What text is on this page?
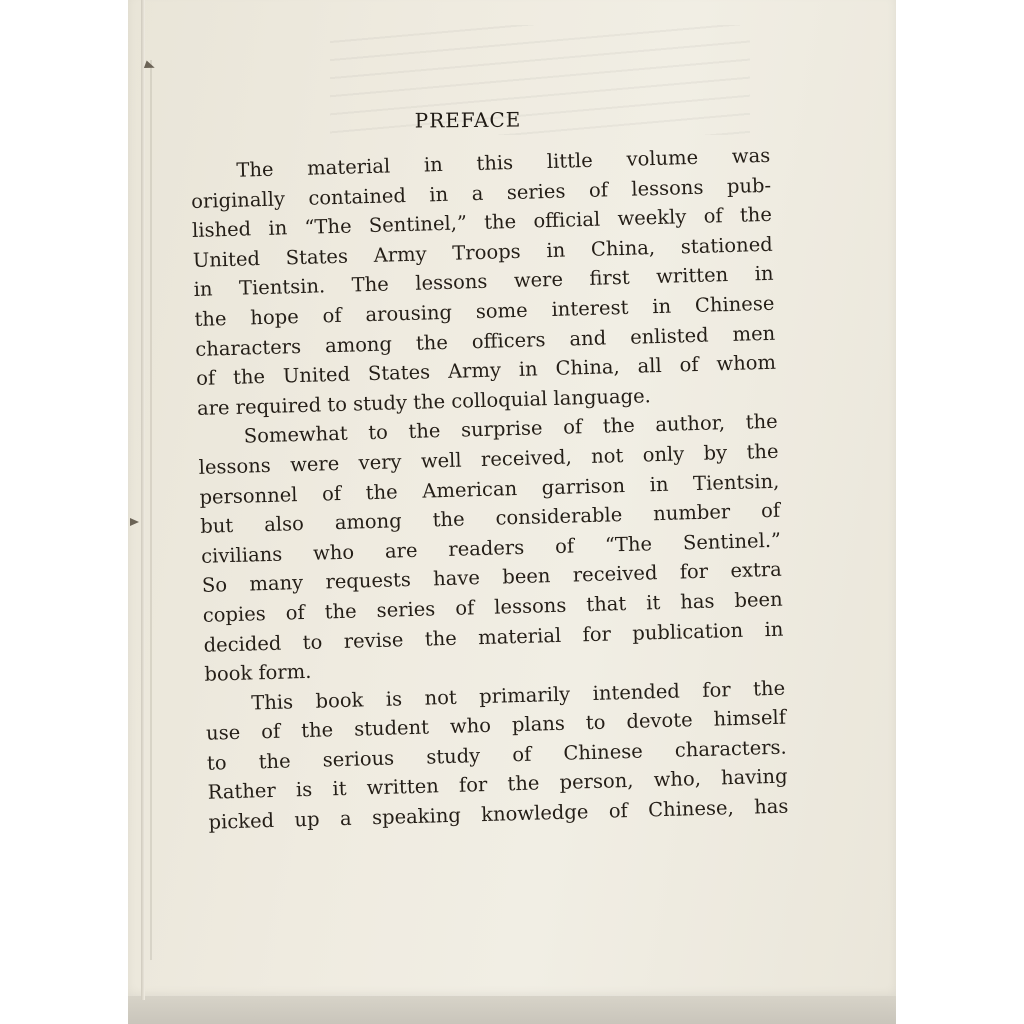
PREFACE
The material in this little volume was
originally contained in a series of lessons pub-
lished in “The Sentinel,” the official weekly of the
United States Army Troops in China, stationed
in Tientsin. The lessons were first written in
the hope of arousing some interest in Chinese
characters among the officers and enlisted men
of the United States Army in China, all of whom
are required to study the colloquial language.
Somewhat to the surprise of the author, the
lessons were very well received, not only by the
personnel of the American garrison in Tientsin,
but also among the considerable number of
civilians who are readers of “The Sentinel.”
So many requests have been received for extra
copies of the series of lessons that it has been
decided to revise the material for publication in
book form.
This book is not primarily intended for the
use of the student who plans to devote himself
to the serious study of Chinese characters.
Rather is it written for the person, who, having
picked up a speaking knowledge of Chinese, has
